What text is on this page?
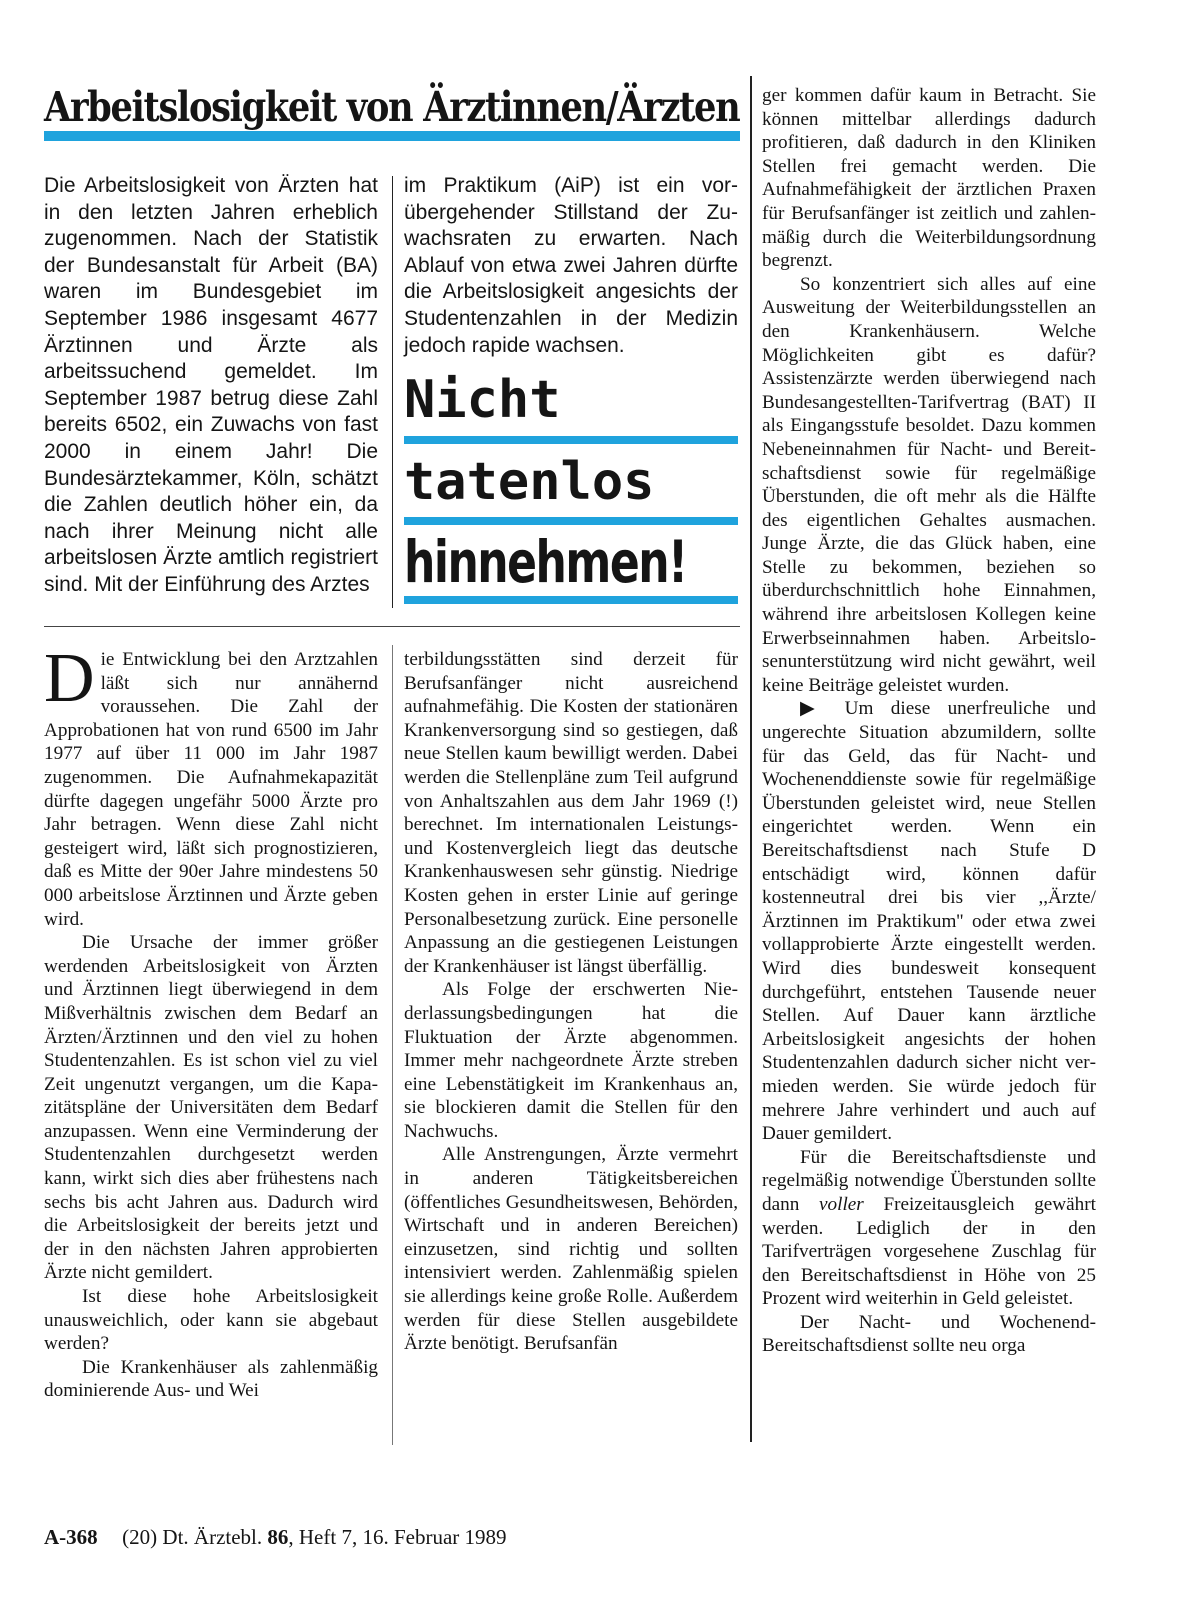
Arbeitslosigkeit von Ärztinnen/Ärzten
Die Arbeitslosigkeit von Ärzten hat in den letzten Jahren erheblich zugenommen. Nach der Statistik der Bundesanstalt für Arbeit (BA) waren im Bundesgebiet im September 1986 insgesamt 4677 Ärztinnen und Ärzte als arbeitssuchend gemeldet. Im September 1987 betrug diese Zahl bereits 6502, ein Zuwachs von fast 2000 in einem Jahr! Die Bundesärztekammer, Köln, schätzt die Zahlen deutlich höher ein, da nach ihrer Meinung nicht alle arbeitslosen Ärzte amtlich registriert sind. Mit der Einführung des Arztes
im Praktikum (AiP) ist ein vorübergehender Stillstand der Zuwachsraten zu erwarten. Nach Ablauf von etwa zwei Jahren dürfte die Arbeitslosigkeit angesichts der Studentenzahlen in der Medizin jedoch rapide wachsen.
Nicht
tatenlos
hinnehmen!

Die Entwicklung bei den Arztzahlen läßt sich nur annähernd voraussehen. Die Zahl der Approbationen hat von rund 6500 im Jahr 1977 auf über 11 000 im Jahr 1987 zugenommen. Die Aufnahmekapazität dürfte dagegen ungefähr 5000 Ärzte pro Jahr betragen. Wenn diese Zahl nicht gesteigert wird, läßt sich prognostizieren, daß es Mitte der 90er Jahre mindestens 50 000 arbeitslose Ärztinnen und Ärzte geben wird.

Die Ursache der immer größer werdenden Arbeitslosigkeit von Ärzten und Ärztinnen liegt überwiegend in dem Mißverhältnis zwischen dem Bedarf an Ärzten/Ärztinnen und den viel zu hohen Studentenzahlen. Es ist schon viel zu viel Zeit ungenutzt vergangen, um die Kapazitätspläne der Universitäten dem Bedarf anzupassen. Wenn eine Verminderung der Studentenzahlen durchgesetzt werden kann, wirkt sich dies aber frühestens nach sechs bis acht Jahren aus. Dadurch wird die Arbeitslosigkeit der bereits jetzt und der in den nächsten Jahren approbierten Ärzte nicht gemildert.

Ist diese hohe Arbeitslosigkeit unausweichlich, oder kann sie abgebaut werden?

Die Krankenhäuser als zahlenmäßig dominierende Aus- und Wei

terbildungsstätten sind derzeit für Berufsanfänger nicht ausreichend aufnahmefähig. Die Kosten der stationären Krankenversorgung sind so gestiegen, daß neue Stellen kaum bewilligt werden. Dabei werden die Stellenpläne zum Teil aufgrund von Anhaltszahlen aus dem Jahr 1969 (!) berechnet. Im internationalen Leistungs- und Kostenvergleich liegt das deutsche Krankenhauswesen sehr günstig. Niedrige Kosten gehen in erster Linie auf geringe Personalbesetzung zurück. Eine personelle Anpassung an die gestiegenen Leistungen der Krankenhäuser ist längst überfällig.

Als Folge der erschwerten Niederlassungsbedingungen hat die Fluktuation der Ärzte abgenommen. Immer mehr nachgeordnete Ärzte streben eine Lebenstätigkeit im Krankenhaus an, sie blockieren damit die Stellen für den Nachwuchs.

Alle Anstrengungen, Ärzte vermehrt in anderen Tätigkeitsbereichen (öffentliches Gesundheitswesen, Behörden, Wirtschaft und in anderen Bereichen) einzusetzen, sind richtig und sollten intensiviert werden. Zahlenmäßig spielen sie allerdings keine große Rolle. Außerdem werden für diese Stellen ausgebildete Ärzte benötigt. Berufsanfän

ger kommen dafür kaum in Betracht. Sie können mittelbar allerdings dadurch profitieren, daß dadurch in den Kliniken Stellen frei gemacht werden. Die Aufnahmefähigkeit der ärztlichen Praxen für Berufsanfänger ist zeitlich und zahlenmäßig durch die Weiterbildungsordnung begrenzt.

So konzentriert sich alles auf eine Ausweitung der Weiterbildungsstellen an den Krankenhäusern. Welche Möglichkeiten gibt es dafür? Assistenzärzte werden überwiegend nach Bundesangestellten-Tarifvertrag (BAT) II als Eingangsstufe besoldet. Dazu kommen Nebeneinnahmen für Nacht- und Bereitschaftsdienst sowie für regelmäßige Überstunden, die oft mehr als die Hälfte des eigentlichen Gehaltes ausmachen. Junge Ärzte, die das Glück haben, eine Stelle zu bekommen, beziehen so überdurchschnittlich hohe Einnahmen, während ihre arbeitslosen Kollegen keine Erwerbseinnahmen haben. Arbeitslosenunterstützung wird nicht gewährt, weil keine Beiträge geleistet wurden.

▶ Um diese unerfreuliche und ungerechte Situation abzumildern, sollte für das Geld, das für Nacht- und Wochenenddienste sowie für regelmäßige Überstunden geleistet wird, neue Stellen eingerichtet werden. Wenn ein Bereitschaftsdienst nach Stufe D entschädigt wird, können dafür kostenneutral drei bis vier ,,Ärzte/Ärztinnen im Praktikum'' oder etwa zwei vollapprobierte Ärzte eingestellt werden. Wird dies bundesweit konsequent durchgeführt, entstehen Tausende neuer Stellen. Auf Dauer kann ärztliche Arbeitslosigkeit angesichts der hohen Studentenzahlen dadurch sicher nicht vermieden werden. Sie würde jedoch für mehrere Jahre verhindert und auch auf Dauer gemildert.

Für die Bereitschaftsdienste und regelmäßig notwendige Überstunden sollte dann voller Freizeitausgleich gewährt werden. Lediglich der in den Tarifverträgen vorgesehene Zuschlag für den Bereitschaftsdienst in Höhe von 25 Prozent wird weiterhin in Geld geleistet.

Der Nacht- und Wochenend-Bereitschaftsdienst sollte neu orga

A-368 (20) Dt. Ärztebl. 86, Heft 7, 16. Februar 1989
